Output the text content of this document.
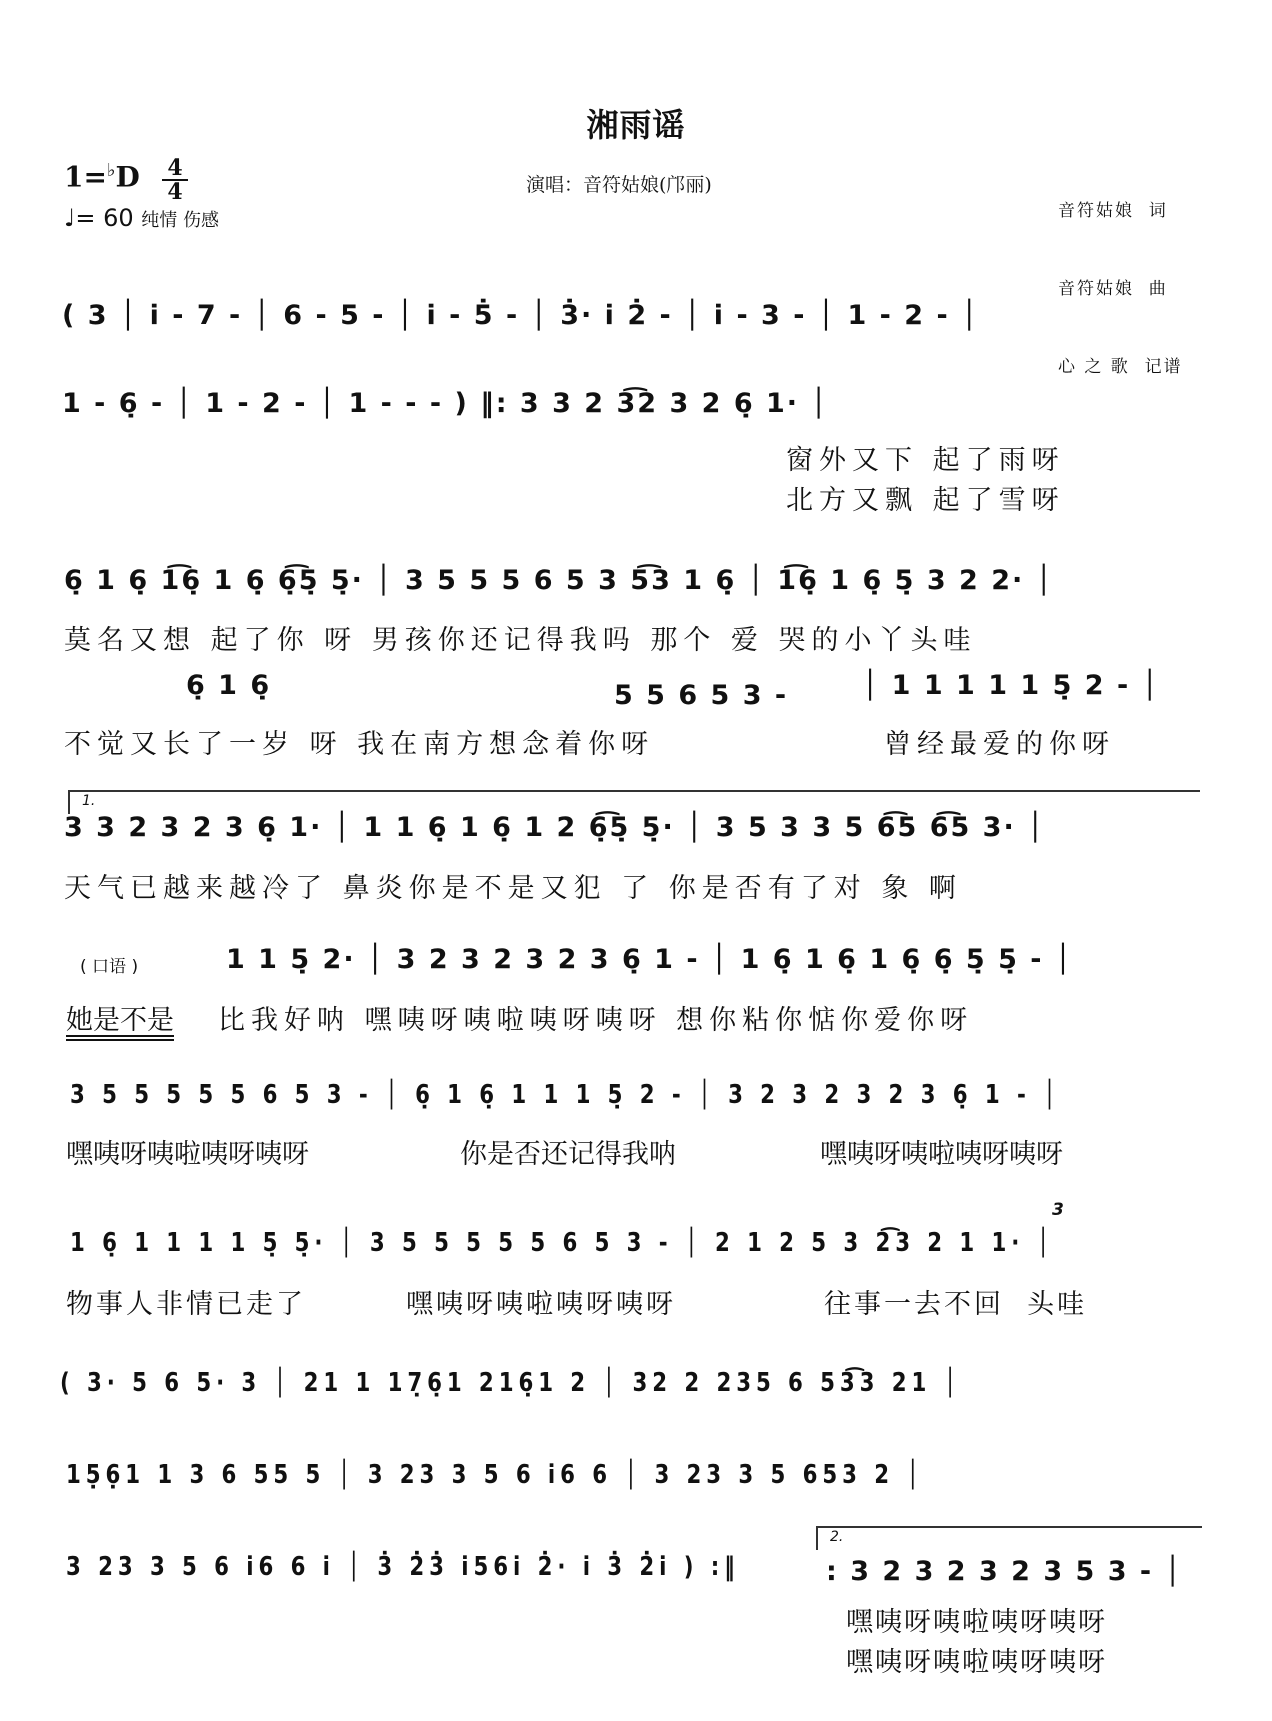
湘雨谣
1=♭D 4
4
♩= 60 纯情 伤感
演唱：音符姑娘(邝丽)

音符姑娘  词

音符姑娘  曲

心 之 歌  记谱

( 3 │ i̇ - 7 - │ 6 - 5 - │ i̇ - 5̇ - │ 3̇· i̇ 2̇ - │ i̇ - 3 - │ 1 - 2 - │
1 - 6̣ - │ 1 - 2 - │ 1 - - - ) ‖: 3 3 2 3͡2 3 2 6̣ 1· │
窗外又下 起了雨呀
北方又飘 起了雪呀
6̣ 1 6̣ 1͡6̣ 1 6̣ 6̣͡5̣ 5̣· │ 3 5 5 5 6 5 3 5͡3 1 6̣ │ 1͡6̣ 1 6̣ 5̣ 3 2 2· │
莫名又想 起了你 呀 男孩你还记得我吗 那个 爱 哭的小丫头哇
6̣ 1 6̣	5 5 6 5 3 -	│ 1 1 1 1 1 5̣ 2 - │
不觉又长了一岁 呀 我在南方想念着你呀	曾经最爱的你呀
1.
3 3 2 3 2 3 6̣ 1· │ 1 1 6̣ 1 6̣ 1 2 6̣͡5̣ 5̣· │ 3 5 3 3 5 6͡5 6͡5 3· │
天气已越来越冷了 鼻炎你是不是又犯 了 你是否有了对 象 啊
( 口语 )	1 1 5̣ 2· │ 3 2 3 2 3 2 3 6̣ 1 - │ 1 6̣ 1 6̣ 1 6̣ 6̣ 5̣ 5̣ - │
她是不是 比我好呐 嘿咦呀咦啦咦呀咦呀 想你粘你惦你爱你呀
3 5 5 5 5 5 6 5 3 - │ 6̣ 1 6̣ 1 1 1 5̣ 2 - │ 3 2 3 2 3 2 3 6̣ 1 - │
嘿咦呀咦啦咦呀咦呀	你是否还记得我呐	嘿咦呀咦啦咦呀咦呀
3
1 6̣ 1 1 1 1 5̣ 5̣· │ 3 5 5 5 5 5 6 5 3 - │ 2 1 2 5 3 2͡3 2 1 1· │
物事人非情已走了	嘿咦呀咦啦咦呀咦呀	往事一去不回  头哇
( 3· 5 6 5· 3 │ 21 1 17̣6̣1 216̣1 2 │ 32 2 235 6 53͡3 21 │
15̣6̣1 1 3 6 55 5 │ 3 23 3 5 6 i̇6 6 │ 3 23 3 5 653 2 │
3 23 3 5 6 i̇6 6 i̇ │ 3̇ 2̇3̇ i̇56i̇ 2̇· i̇ 3̇ 2̇i̇ ) :‖
2.
: 3 2 3 2 3 2 3 5 3 - │
嘿咦呀咦啦咦呀咦呀
嘿咦呀咦啦咦呀咦呀
